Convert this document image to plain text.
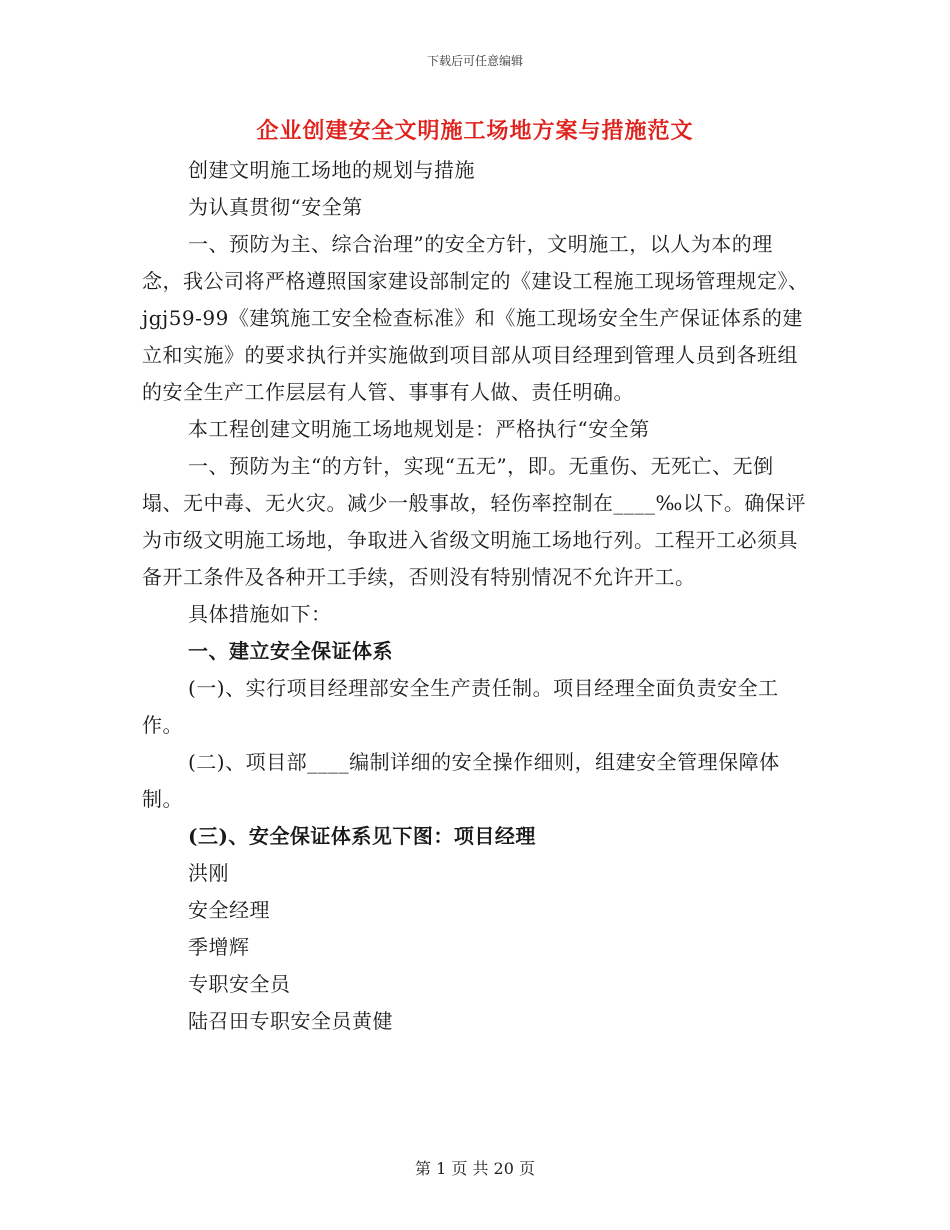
下载后可任意编辑
企业创建安全文明施工场地方案与措施范文

创建文明施工场地的规划与措施

为认真贯彻“安全第

一、预防为主、综合治理”的安全方针，文明施工，以人为本的理念，我公司将严格遵照国家建设部制定的《建设工程施工现场管理规定》、jgj59-99《建筑施工安全检查标准》和《施工现场安全生产保证体系的建立和实施》的要求执行并实施做到项目部从项目经理到管理人员到各班组的安全生产工作层层有人管、事事有人做、责任明确。

本工程创建文明施工场地规划是：严格执行“安全第

一、预防为主“的方针，实现“五无”，即。无重伤、无死亡、无倒塌、无中毒、无火灾。减少一般事故，轻伤率控制在____‰以下。确保评为市级文明施工场地，争取进入省级文明施工场地行列。工程开工必须具备开工条件及各种开工手续，否则没有特别情况不允许开工。

具体措施如下：

一、建立安全保证体系

(一)、实行项目经理部安全生产责任制。项目经理全面负责安全工作。

(二)、项目部____编制详细的安全操作细则，组建安全管理保障体制。

(三)、安全保证体系见下图：项目经理

洪刚

安全经理

季增辉

专职安全员

陆召田专职安全员黄健

第 1 页 共 20 页
